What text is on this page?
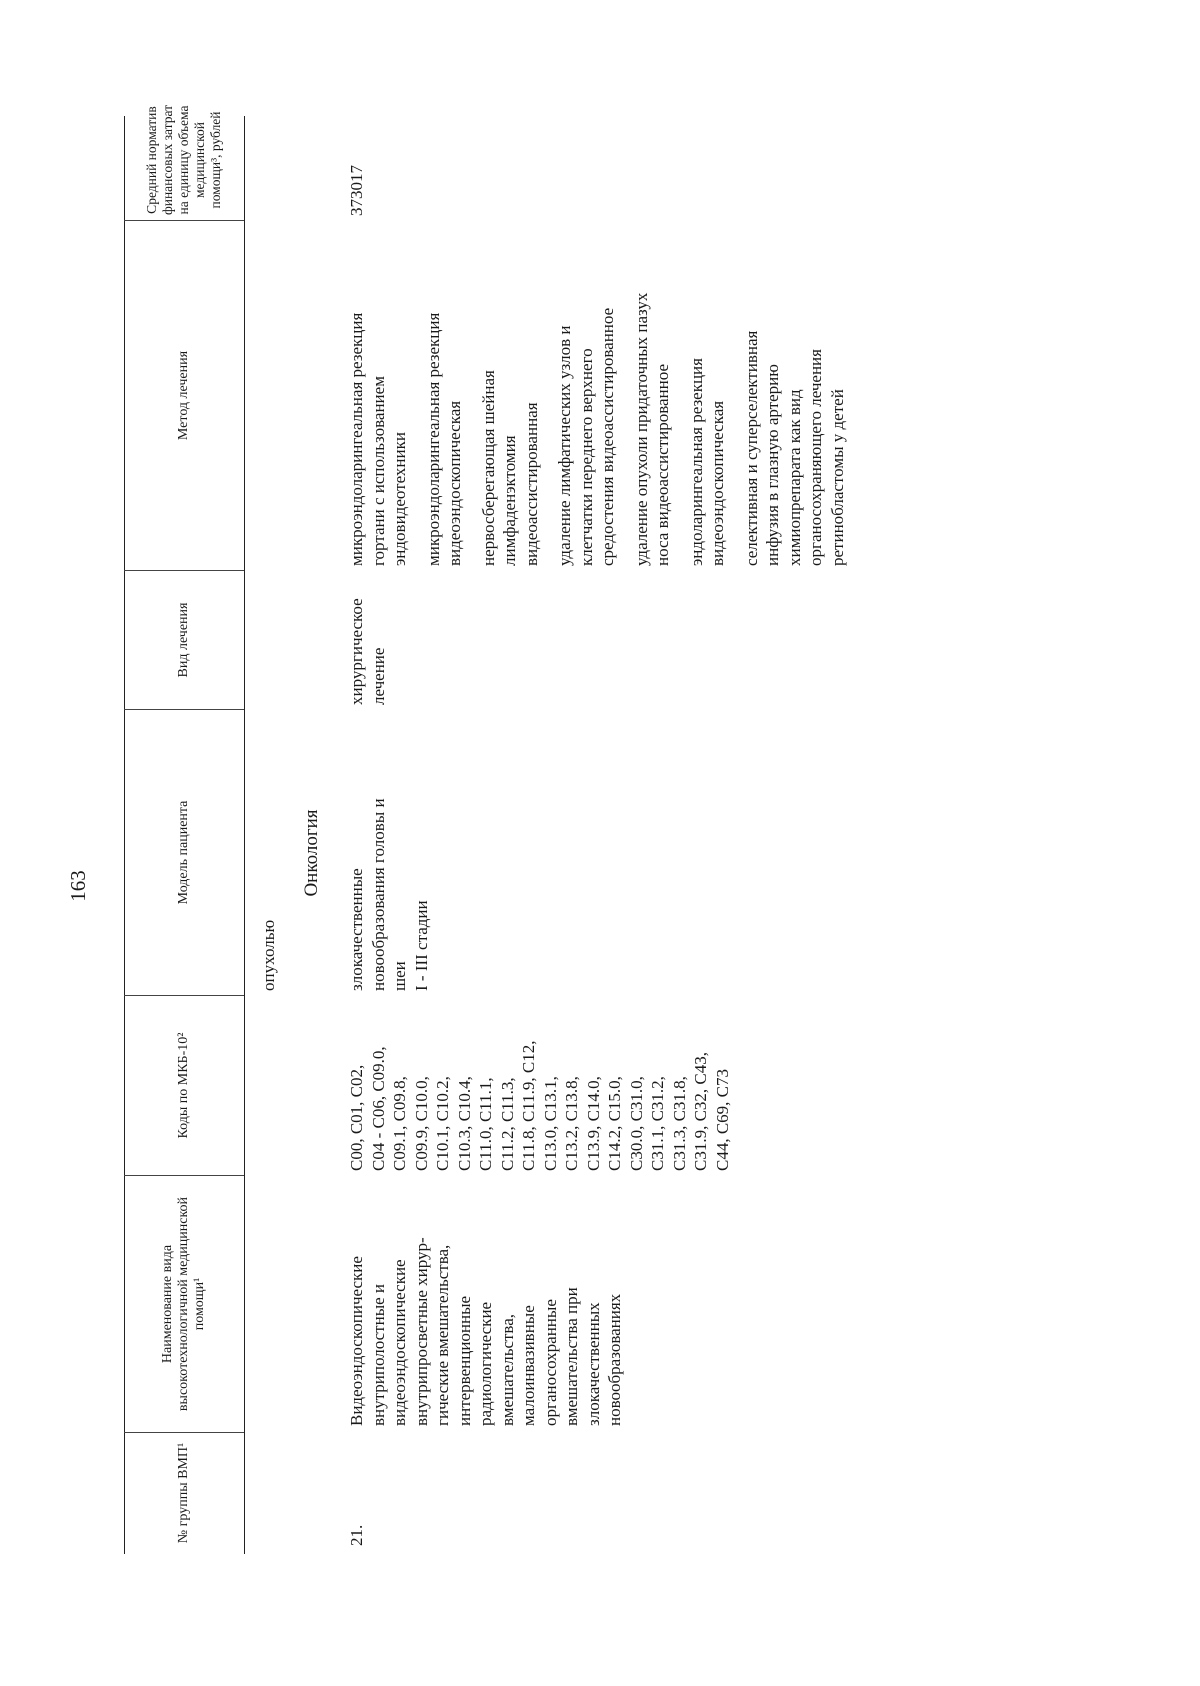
163
№ группы ВМП¹
Наименование вида высокотехнологичной медицинской помощи¹
Коды по МКБ-10²
Модель пациента
Вид лечения
Метод лечения
Средний норматив финансовых затрат на единицу объема медицинской помощи³, рублей
опухолью
Онкология
21.
Видеоэндоскопические
внутриполостные и
видеоэндоскопические
внутрипросветные хирур-
гические вмешательства,
интервенционные
радиологические
вмешательства,
малоинвазивные
органосохранные
вмешательства при
злокачественных
новообразованиях
C00, C01, C02,
C04 - C06, C09.0,
C09.1, C09.8,
C09.9, C10.0,
C10.1, C10.2,
C10.3, C10.4,
C11.0, C11.1,
C11.2, C11.3,
C11.8, C11.9, C12,
C13.0, C13.1,
C13.2, C13.8,
C13.9, C14.0,
C14.2, C15.0,
C30.0, C31.0,
C31.1, C31.2,
C31.3, C31.8,
C31.9, C32, C43,
C44, C69, C73
злокачественные
новообразования головы и
шеи
I - III стадии
хирургическое
лечение
микроэндоларингеальная резекция
гортани с использованием
эндовидеотехники микроэндоларингеальная резекция
видеоэндоскопическая нервосберегающая шейная
лимфаденэктомия
видеоассистированная удаление лимфатических узлов и
клетчатки переднего верхнего
средостения видеоассистированное
удаление опухоли придаточных пазух
носа видеоассистированное эндоларингеальная резекция
видеоэндоскопическая селективная и суперселективная
инфузия в глазную артерию
химиопрепарата как вид
органосохраняющего лечения
ретинобластомы у детей
373017
